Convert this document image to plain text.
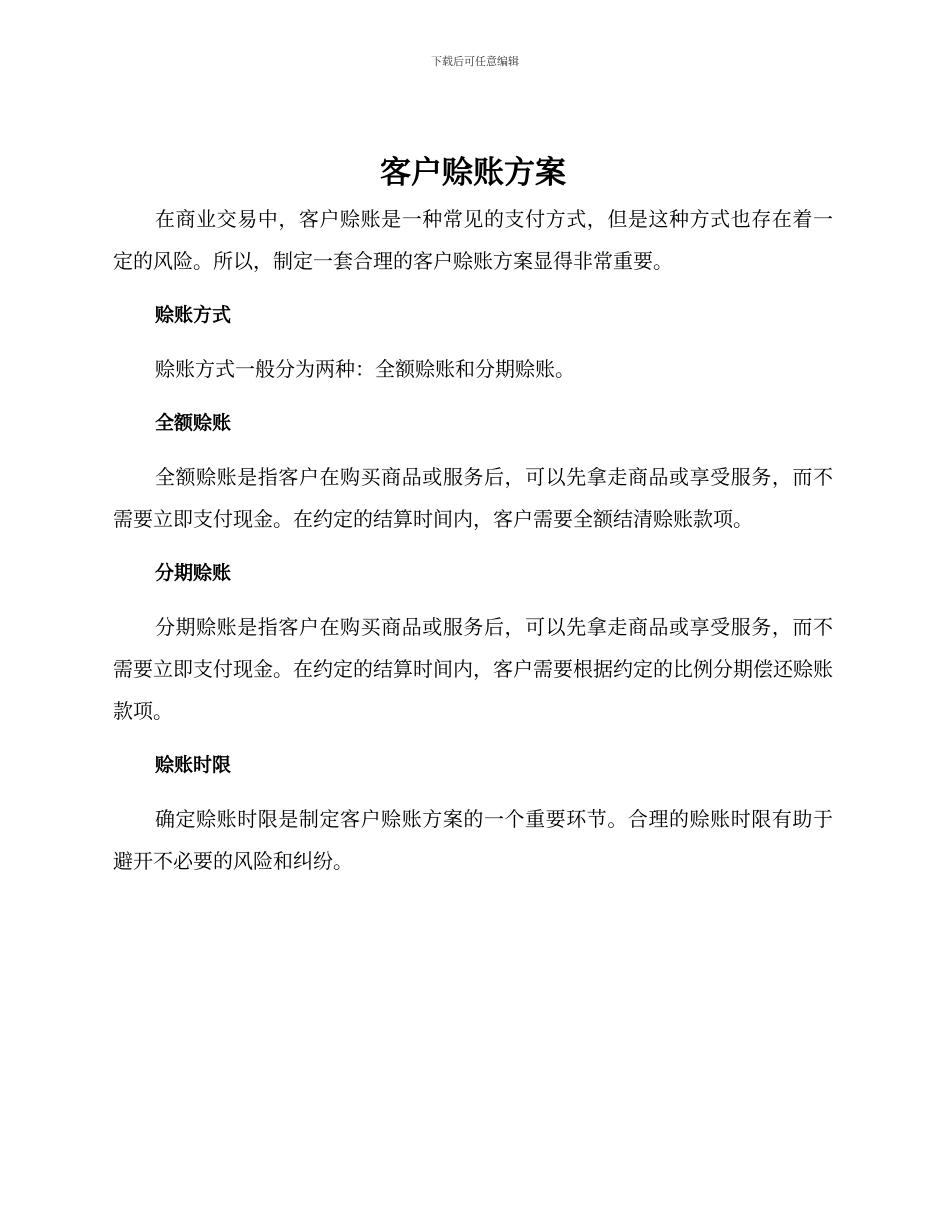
下载后可任意编辑
客户赊账方案

在商业交易中，客户赊账是一种常见的支付方式，但是这种方式也存在着一定的风险。所以，制定一套合理的客户赊账方案显得非常重要。

赊账方式

赊账方式一般分为两种：全额赊账和分期赊账。

全额赊账

全额赊账是指客户在购买商品或服务后，可以先拿走商品或享受服务，而不需要立即支付现金。在约定的结算时间内，客户需要全额结清赊账款项。

分期赊账

分期赊账是指客户在购买商品或服务后，可以先拿走商品或享受服务，而不需要立即支付现金。在约定的结算时间内，客户需要根据约定的比例分期偿还赊账款项。

赊账时限

确定赊账时限是制定客户赊账方案的一个重要环节。合理的赊账时限有助于避开不必要的风险和纠纷。
